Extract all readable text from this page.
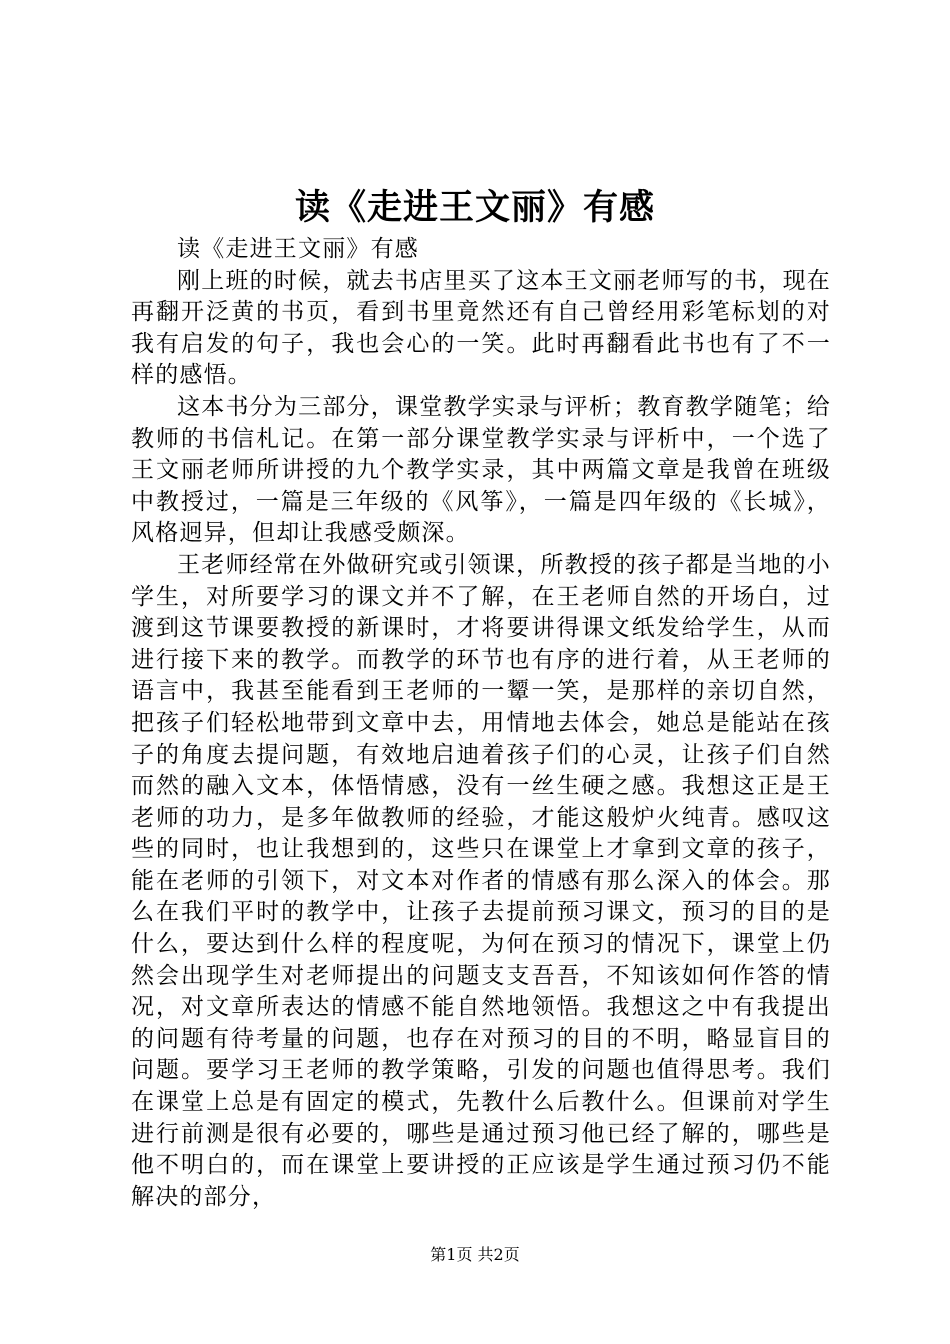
读《走进王文丽》有感

读《走进王文丽》有感

刚上班的时候，就去书店里买了这本王文丽老师写的书，现在再翻开泛黄的书页，看到书里竟然还有自己曾经用彩笔标划的对我有启发的句子，我也会心的一笑。此时再翻看此书也有了不一样的感悟。

这本书分为三部分，课堂教学实录与评析；教育教学随笔；给教师的书信札记。在第一部分课堂教学实录与评析中，一个选了王文丽老师所讲授的九个教学实录，其中两篇文章是我曾在班级中教授过，一篇是三年级的《风筝》，一篇是四年级的《长城》，风格迥异，但却让我感受颇深。

王老师经常在外做研究或引领课，所教授的孩子都是当地的小学生，对所要学习的课文并不了解，在王老师自然的开场白，过渡到这节课要教授的新课时，才将要讲得课文纸发给学生，从而进行接下来的教学。而教学的环节也有序的进行着，从王老师的语言中，我甚至能看到王老师的一颦一笑，是那样的亲切自然，把孩子们轻松地带到文章中去，用情地去体会，她总是能站在孩子的角度去提问题，有效地启迪着孩子们的心灵，让孩子们自然而然的融入文本，体悟情感，没有一丝生硬之感。我想这正是王老师的功力，是多年做教师的经验，才能这般炉火纯青。感叹这些的同时，也让我想到的，这些只在课堂上才拿到文章的孩子，能在老师的引领下，对文本对作者的情感有那么深入的体会。那么在我们平时的教学中，让孩子去提前预习课文，预习的目的是什么，要达到什么样的程度呢，为何在预习的情况下，课堂上仍然会出现学生对老师提出的问题支支吾吾，不知该如何作答的情况，对文章所表达的情感不能自然地领悟。我想这之中有我提出的问题有待考量的问题，也存在对预习的目的不明，略显盲目的问题。要学习王老师的教学策略，引发的问题也值得思考。我们在课堂上总是有固定的模式，先教什么后教什么。但课前对学生进行前测是很有必要的，哪些是通过预习他已经了解的，哪些是他不明白的，而在课堂上要讲授的正应该是学生通过预习仍不能解决的部分，

第1页 共2页
